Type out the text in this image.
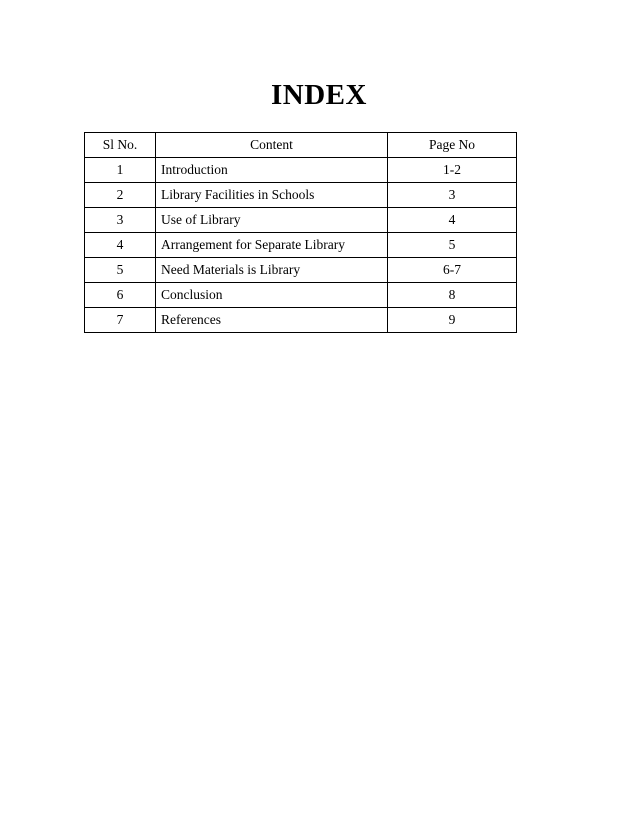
INDEX
Sl No.	Content	Page No
1	Introduction	1-2
2	Library Facilities in Schools	3
3	Use of Library	4
4	Arrangement for Separate Library	5
5	Need Materials is Library	6-7
6	Conclusion	8
7	References	9
